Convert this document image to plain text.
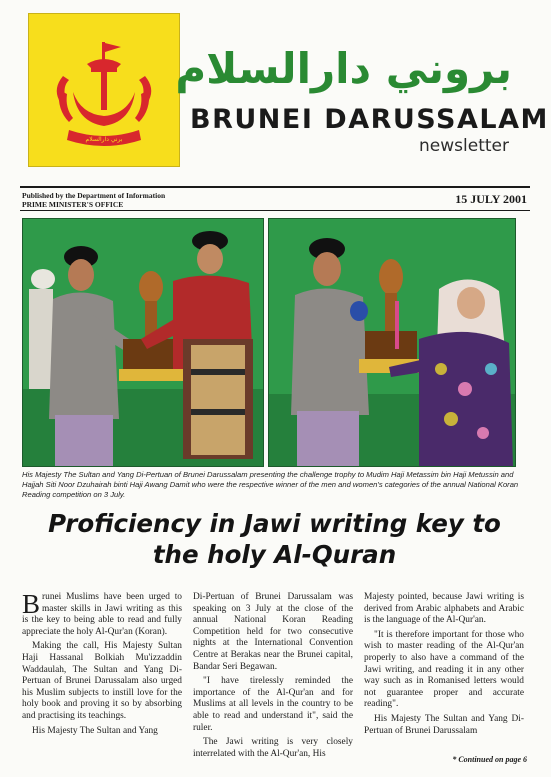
برني دارالسلام
بروني دارالسلام
BRUNEI DARUSSALAM
newsletter
Published by the Department of Information
PRIME MINISTER'S OFFICE	15 JULY 2001
His Majesty The Sultan and Yang Di-Pertuan of Brunei Darussalam presenting the challenge trophy to Mudim Haji Metassim bin Haji Metussin and Hajjah Siti Noor Dzuhairah binti Haji Awang Damit who were the respective winner of the men and women's categories of the annual National Koran Reading competition on 3 July.
Proficiency in Jawi writing key to the holy Al-Quran

Brunei Muslims have been urged to master skills in Jawi writing as this is the key to being able to read and fully appreciate the holy Al-Qur'an (Koran).

Making the call, His Majesty Sultan Haji Hassanal Bolkiah Mu'izzaddin Waddaulah, The Sultan and Yang Di-Pertuan of Brunei Darussalam also urged his Muslim subjects to instill love for the holy book and proving it so by absorbing and practising its teachings.

His Majesty The Sultan and Yang

Di-Pertuan of Brunei Darussalam was speaking on 3 July at the close of the annual National Koran Reading Competition held for two consecutive nights at the International Convention Centre at Berakas near the Brunei capital, Bandar Seri Begawan.

"I have tirelessly reminded the importance of the Al-Qur'an and for Muslims at all levels in the country to be able to read and understand it", said the ruler.

The Jawi writing is very closely interrelated with the Al-Qur'an, His

Majesty pointed, because Jawi writing is derived from Arabic alphabets and Arabic is the language of the Al-Qur'an.

"It is therefore important for those who wish to master reading of the Al-Qur'an properly to also have a command of the Jawi writing, and reading it in any other way such as in Romanised letters would not guarantee proper and accurate reading".

His Majesty The Sultan and Yang Di-Pertuan of Brunei Darussalam

* Continued on page 6
